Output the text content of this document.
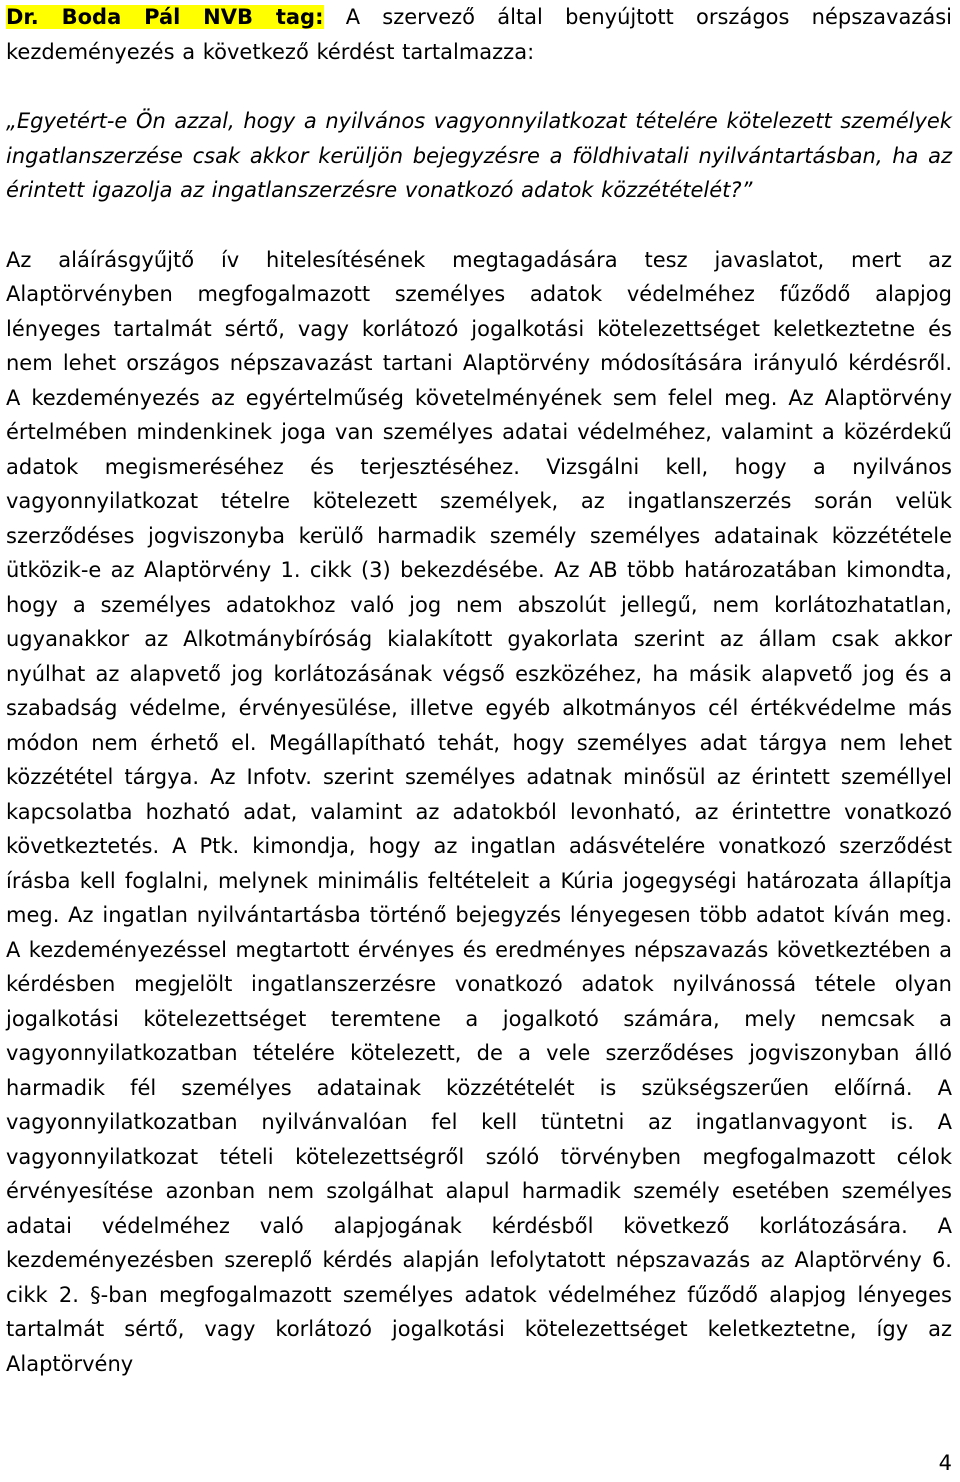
Dr. Boda Pál NVB tag: A szervező által benyújtott országos népszavazási kezdeményezés a következő kérdést tartalmazza:

„Egyetért-e Ön azzal, hogy a nyilvános vagyonnyilatkozat tételére kötelezett személyek ingatlanszerzése csak akkor kerüljön bejegyzésre a földhivatali nyilvántartásban, ha az érintett igazolja az ingatlanszerzésre vonatkozó adatok közzétételét?”

Az aláírásgyűjtő ív hitelesítésének megtagadására tesz javaslatot, mert az Alaptörvényben megfogalmazott személyes adatok védelméhez fűződő alapjog lényeges tartalmát sértő, vagy korlátozó jogalkotási kötelezettséget keletkeztetne és nem lehet országos népszavazást tartani Alaptörvény módosítására irányuló kérdésről. A kezdeményezés az egyértelműség követelményének sem felel meg. Az Alaptörvény értelmében mindenkinek joga van személyes adatai védelméhez, valamint a közérdekű adatok megismeréséhez és terjesztéséhez. Vizsgálni kell, hogy a nyilvános vagyonnyilatkozat tételre kötelezett személyek, az ingatlanszerzés során velük szerződéses jogviszonyba kerülő harmadik személy személyes adatainak közzététele ütközik-e az Alaptörvény 1. cikk (3) bekezdésébe. Az AB több határozatában kimondta, hogy a személyes adatokhoz való jog nem abszolút jellegű, nem korlátozhatatlan, ugyanakkor az Alkotmánybíróság kialakított gyakorlata szerint az állam csak akkor nyúlhat az alapvető jog korlátozásának végső eszközéhez, ha másik alapvető jog és a szabadság védelme, érvényesülése, illetve egyéb alkotmányos cél értékvédelme más módon nem érhető el. Megállapítható tehát, hogy személyes adat tárgya nem lehet közzététel tárgya. Az Infotv. szerint személyes adatnak minősül az érintett személlyel kapcsolatba hozható adat, valamint az adatokból levonható, az érintettre vonatkozó következtetés. A Ptk. kimondja, hogy az ingatlan adásvételére vonatkozó szerződést írásba kell foglalni, melynek minimális feltételeit a Kúria jogegységi határozata állapítja meg. Az ingatlan nyilvántartásba történő bejegyzés lényegesen több adatot kíván meg. A kezdeményezéssel megtartott érvényes és eredményes népszavazás következtében a kérdésben megjelölt ingatlanszerzésre vonatkozó adatok nyilvánossá tétele olyan jogalkotási kötelezettséget teremtene a jogalkotó számára, mely nemcsak a vagyonnyilatkozatban tételére kötelezett, de a vele szerződéses jogviszonyban álló harmadik fél személyes adatainak közzétételét is szükségszerűen előírná. A vagyonnyilatkozatban nyilvánvalóan fel kell tüntetni az ingatlanvagyont is. A vagyonnyilatkozat tételi kötelezettségről szóló törvényben megfogalmazott célok érvényesítése azonban nem szolgálhat alapul harmadik személy esetében személyes adatai védelméhez való alapjogának kérdésből következő korlátozására. A kezdeményezésben szereplő kérdés alapján lefolytatott népszavazás az Alaptörvény 6. cikk 2. §-ban megfogalmazott személyes adatok védelméhez fűződő alapjog lényeges tartalmát sértő, vagy korlátozó jogalkotási kötelezettséget keletkeztetne, így az Alaptörvény

4
